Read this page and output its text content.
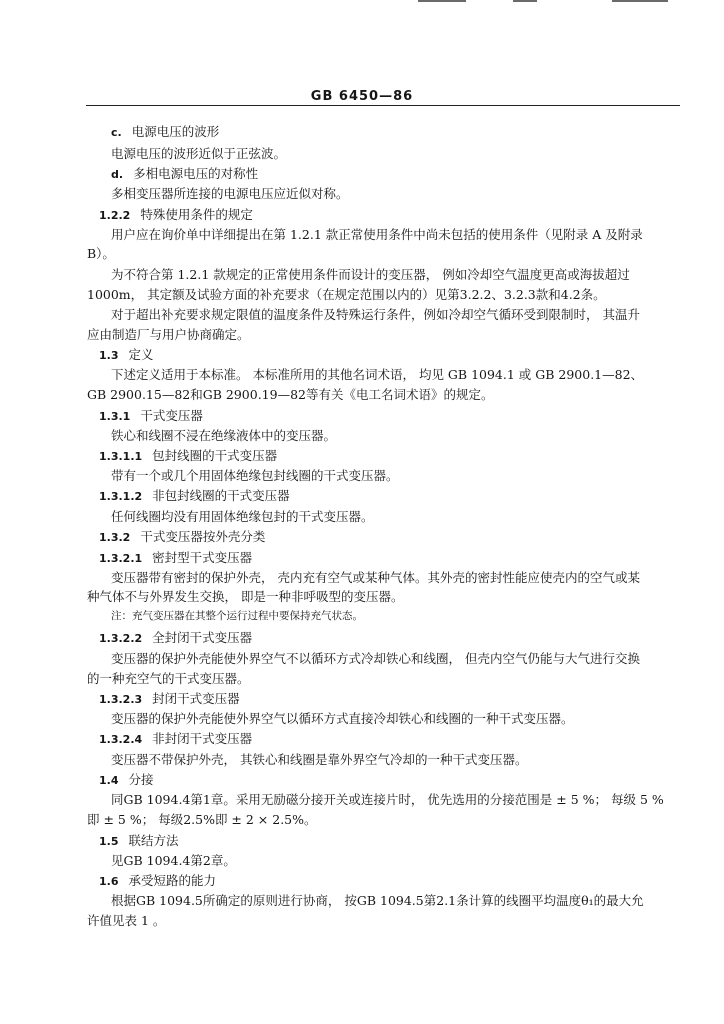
GB 6450—86
c. 电源电压的波形
电源电压的波形近似于正弦波。
d. 多相电源电压的对称性
多相变压器所连接的电源电压应近似对称。
1.2.2 特殊使用条件的规定
用户应在询价单中详细提出在第 1.2.1 款正常使用条件中尚未包括的使用条件（见附录 A 及附录
B）。
为不符合第 1.2.1 款规定的正常使用条件而设计的变压器， 例如冷却空气温度更高或海拔超过
1000m， 其定额及试验方面的补充要求（在规定范围以内的）见第3.2.2、3.2.3款和4.2条。
对于超出补充要求规定限值的温度条件及特殊运行条件，例如冷却空气循环受到限制时， 其温升
应由制造厂与用户协商确定。
1.3 定义
下述定义适用于本标准。 本标准所用的其他名词术语， 均见 GB 1094.1 或 GB 2900.1—82、
GB 2900.15—82和GB 2900.19—82等有关《电工名词术语》的规定。
1.3.1 干式变压器
铁心和线圈不浸在绝缘液体中的变压器。
1.3.1.1 包封线圈的干式变压器
带有一个或几个用固体绝缘包封线圈的干式变压器。
1.3.1.2 非包封线圈的干式变压器
任何线圈均没有用固体绝缘包封的干式变压器。
1.3.2 干式变压器按外壳分类
1.3.2.1 密封型干式变压器
变压器带有密封的保护外壳， 壳内充有空气或某种气体。其外壳的密封性能应使壳内的空气或某
种气体不与外界发生交换， 即是一种非呼吸型的变压器。
注：充气变压器在其整个运行过程中要保持充气状态。
1.3.2.2 全封闭干式变压器
变压器的保护外壳能使外界空气不以循环方式冷却铁心和线圈， 但壳内空气仍能与大气进行交换
的一种充空气的干式变压器。
1.3.2.3 封闭干式变压器
变压器的保护外壳能使外界空气以循环方式直接冷却铁心和线圈的一种干式变压器。
1.3.2.4 非封闭干式变压器
变压器不带保护外壳， 其铁心和线圈是靠外界空气冷却的一种干式变压器。
1.4 分接
同GB 1094.4第1章。采用无励磁分接开关或连接片时， 优先选用的分接范围是 ± 5 %； 每级 5 %
即 ± 5 %； 每级2.5%即 ± 2 × 2.5%。
1.5 联结方法
见GB 1094.4第2章。
1.6 承受短路的能力
根据GB 1094.5所确定的原则进行协商， 按GB 1094.5第2.1条计算的线圈平均温度θ₁的最大允
许值见表 1 。
